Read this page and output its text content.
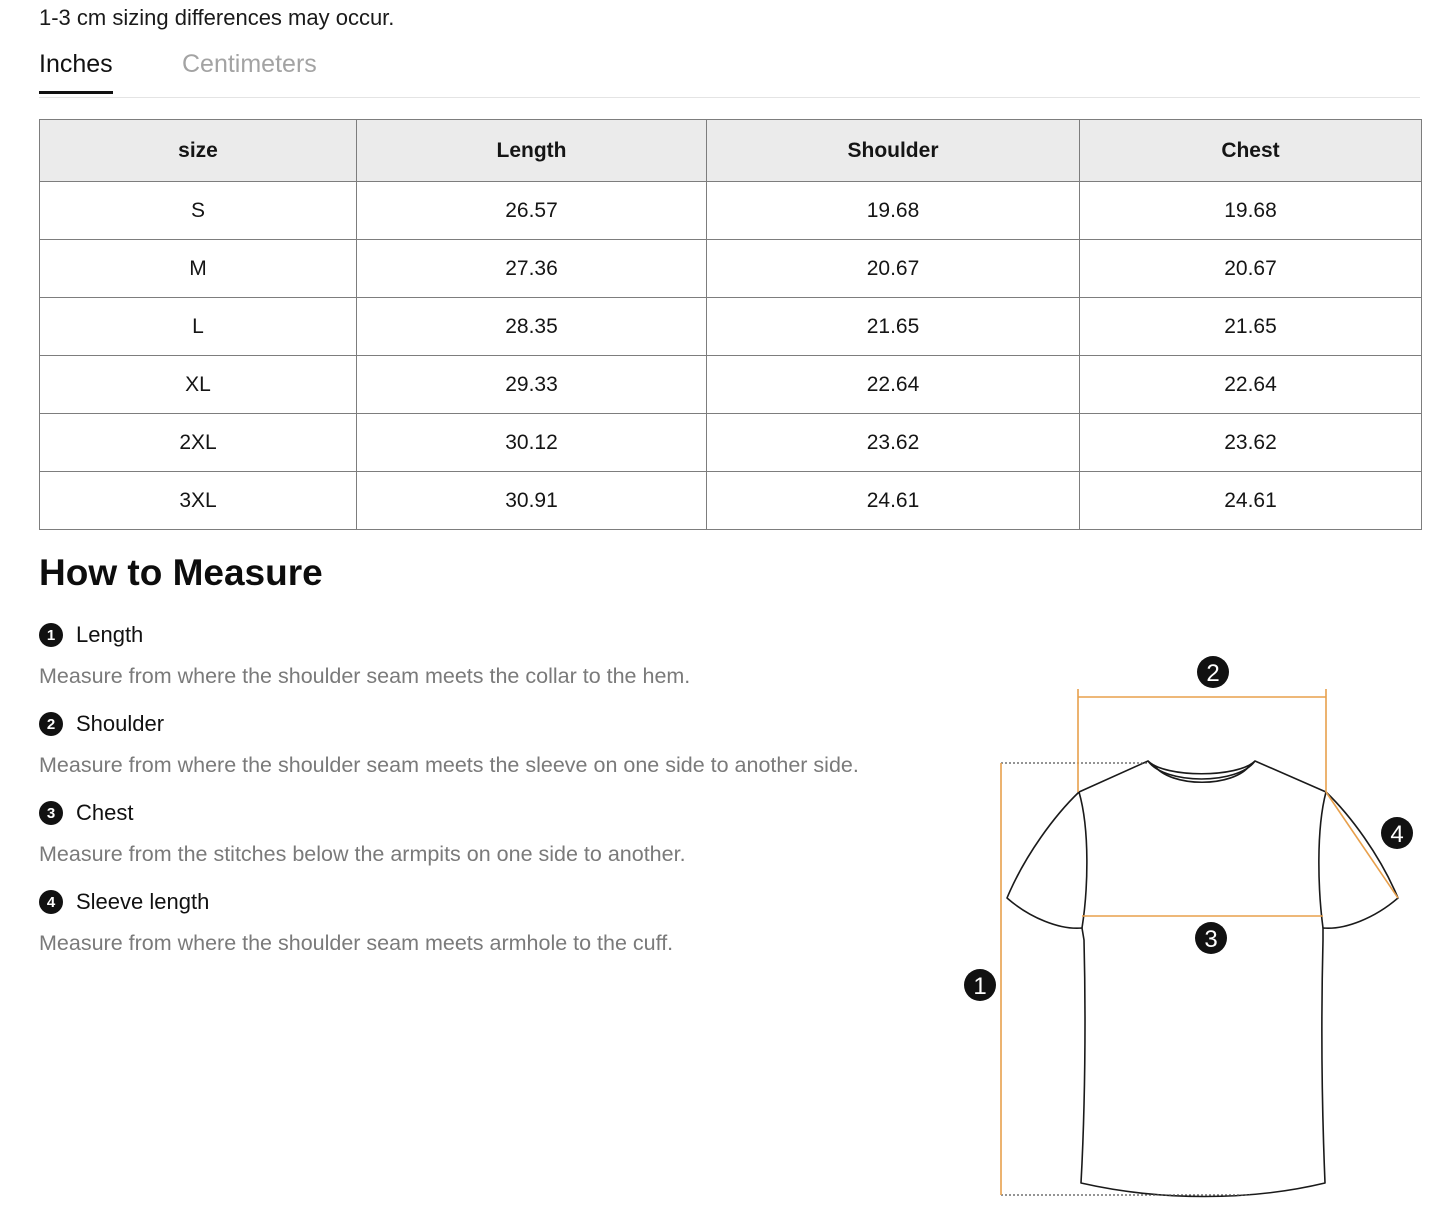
1-3 cm sizing differences may occur.
Inches	Centimeters
size	Length	Shoulder	Chest
S	26.57	19.68	19.68
M	27.36	20.67	20.67
L	28.35	21.65	21.65
XL	29.33	22.64	22.64
2XL	30.12	23.62	23.62
3XL	30.91	24.61	24.61
How to Measure
1 Length
Measure from where the shoulder seam meets the collar to the hem.
2 Shoulder
Measure from where the shoulder seam meets the sleeve on one side to another side.
3 Chest
Measure from the stitches below the armpits on one side to another.
4 Sleeve length
Measure from where the shoulder seam meets armhole to the cuff.
2
4
3
1
